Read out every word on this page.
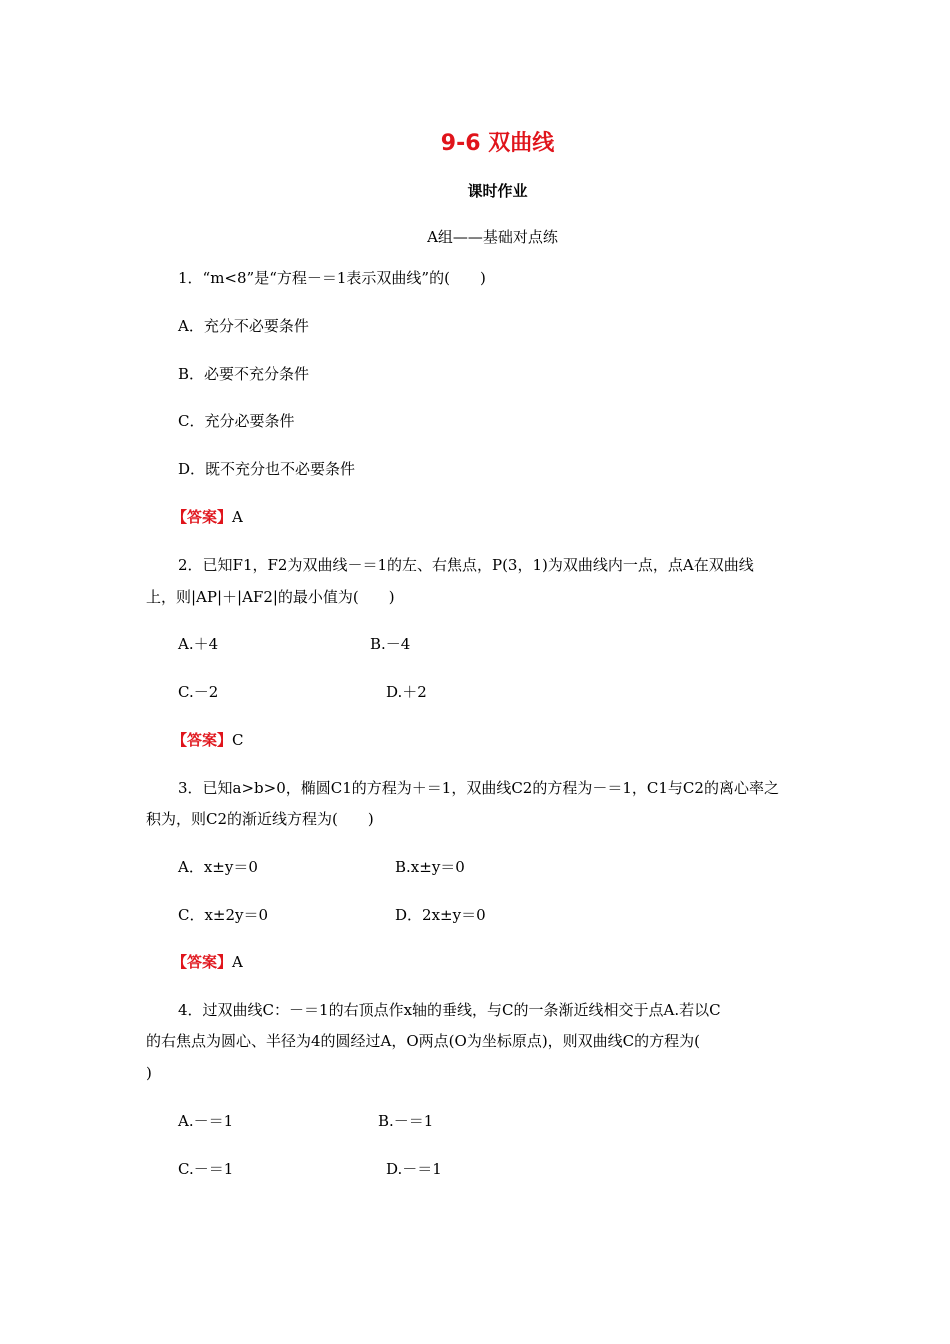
9-6 双曲线
课时作业
A组——基础对点练
1．“m<8”是“方程－＝1表示双曲线”的(　　)
A．充分不必要条件
B．必要不充分条件
C．充分必要条件
D．既不充分也不必要条件
【答案】A
2．已知F1，F2为双曲线－＝1的左、右焦点，P(3，1)为双曲线内一点，点A在双曲线
上，则|AP|＋|AF2|的最小值为(　　)
A.＋4	B.－4
C.－2	D.＋2
【答案】C
3．已知a>b>0，椭圆C1的方程为＋＝1，双曲线C2的方程为－＝1，C1与C2的离心率之
积为，则C2的渐近线方程为(　　)
A．x±y＝0	B.x±y＝0
C．x±2y＝0	D．2x±y＝0
【答案】A
4．过双曲线C：－＝1的右顶点作x轴的垂线，与C的一条渐近线相交于点A.若以C
的右焦点为圆心、半径为4的圆经过A，O两点(O为坐标原点)，则双曲线C的方程为(
)
A.－＝1	B.－＝1
C.－＝1	D.－＝1
